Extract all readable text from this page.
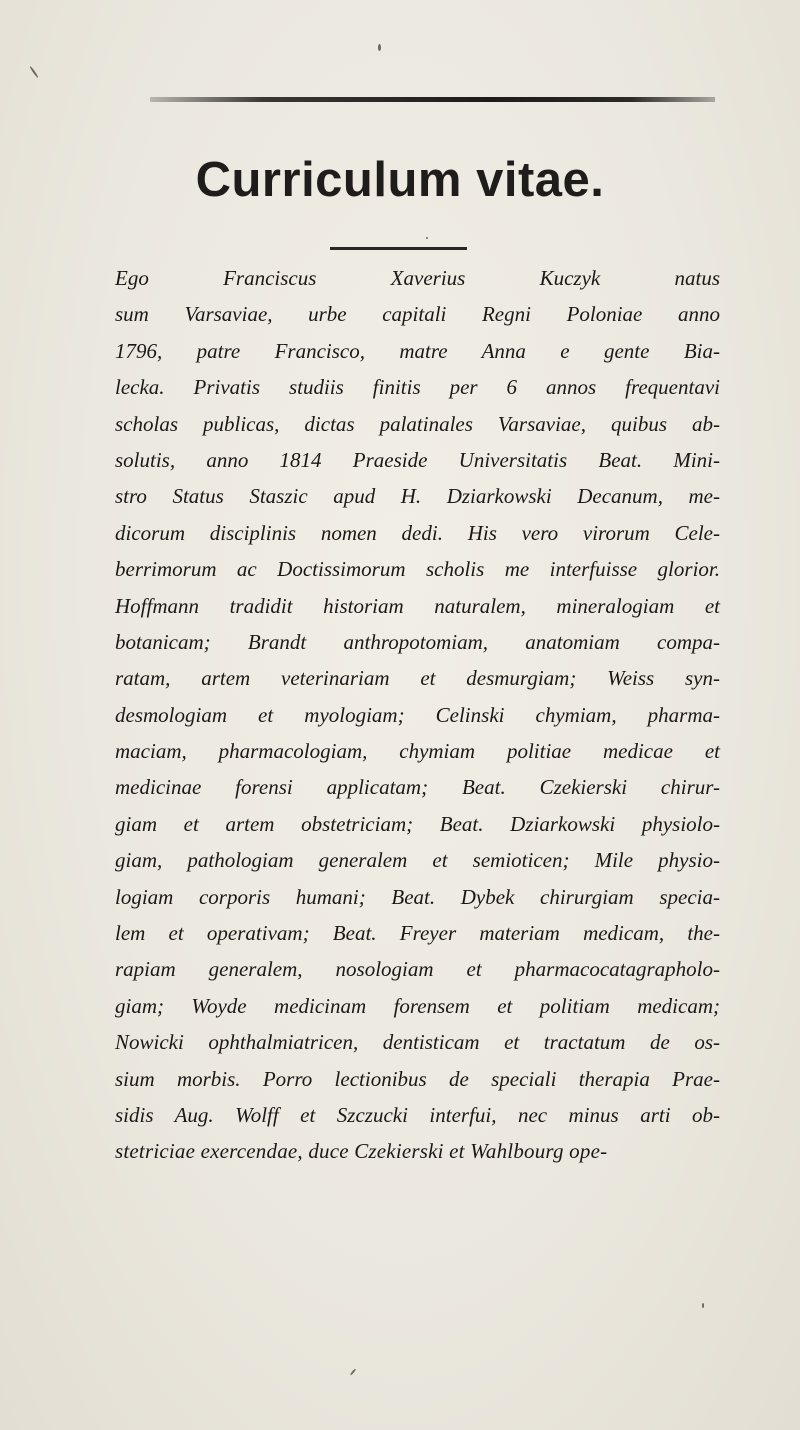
Curriculum vitae.
Ego Franciscus Xaverius Kuczyk natus
sum Varsaviae, urbe capitali Regni Poloniae anno
1796, patre Francisco, matre Anna e gente Bia-
lecka. Privatis studiis finitis per 6 annos frequentavi
scholas publicas, dictas palatinales Varsaviae, quibus ab-
solutis, anno 1814 Praeside Universitatis Beat. Mini-
stro Status Staszic apud H. Dziarkowski Decanum, me-
dicorum disciplinis nomen dedi. His vero virorum Cele-
berrimorum ac Doctissimorum scholis me interfuisse glorior.
Hoffmann tradidit historiam naturalem, mineralogiam et
botanicam; Brandt anthropotomiam, anatomiam compa-
ratam, artem veterinariam et desmurgiam; Weiss syn-
desmologiam et myologiam; Celinski chymiam, pharma-
maciam, pharmacologiam, chymiam politiae medicae et
medicinae forensi applicatam; Beat. Czekierski chirur-
giam et artem obstetriciam; Beat. Dziarkowski physiolo-
giam, pathologiam generalem et semioticen; Mile physio-
logiam corporis humani; Beat. Dybek chirurgiam specia-
lem et operativam; Beat. Freyer materiam medicam, the-
rapiam generalem, nosologiam et pharmacocatagrapholo-
giam; Woyde medicinam forensem et politiam medicam;
Nowicki ophthalmiatricen, dentisticam et tractatum de os-
sium morbis. Porro lectionibus de speciali therapia Prae-
sidis Aug. Wolff et Szczucki interfui, nec minus arti ob-
stetriciae exercendae, duce Czekierski et Wahlbourg ope-
